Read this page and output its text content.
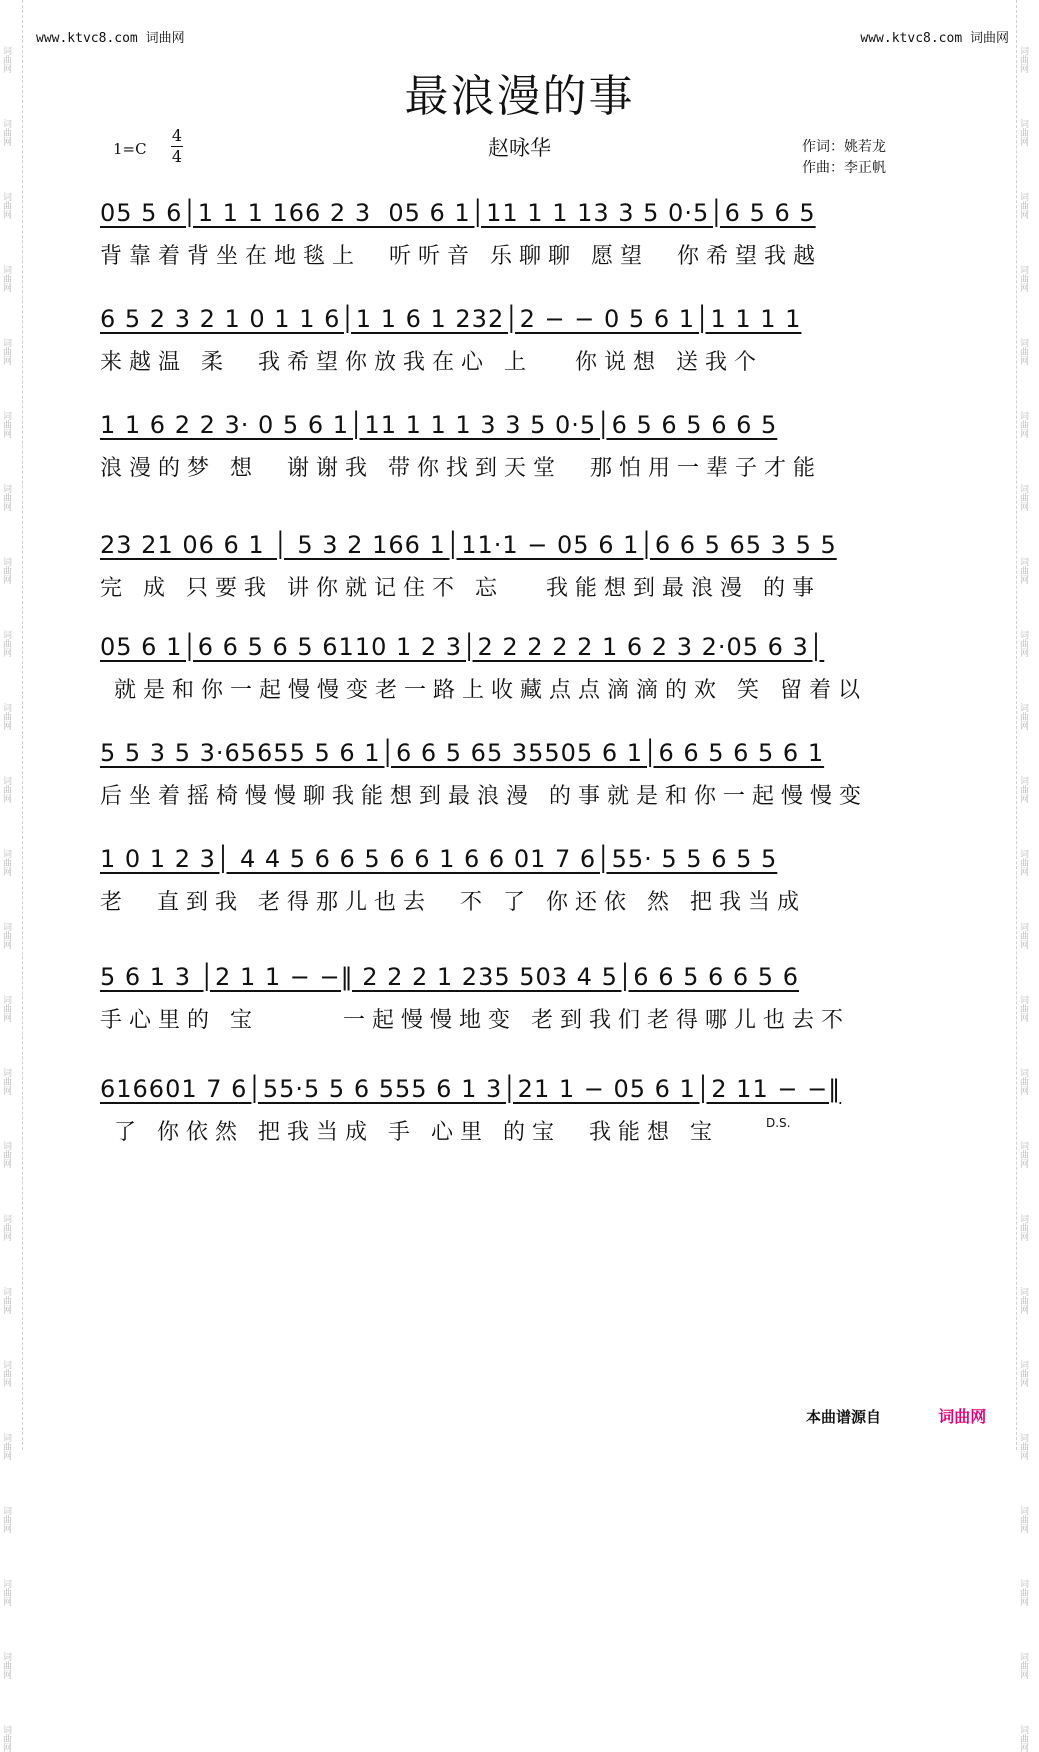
词曲网
词曲网
词曲网
词曲网
词曲网
词曲网
词曲网
词曲网
词曲网
词曲网
词曲网
词曲网
词曲网
词曲网
词曲网
词曲网
词曲网
词曲网
词曲网
词曲网
词曲网
词曲网
词曲网
词曲网
词曲网
词曲网
词曲网
词曲网
词曲网
词曲网
词曲网
词曲网
词曲网
词曲网
词曲网
词曲网
词曲网
词曲网
词曲网
词曲网
词曲网
词曲网
词曲网
词曲网
词曲网
词曲网
词曲网
词曲网
www.ktvc8.com 词曲网	www.ktvc8.com 词曲网
最浪漫的事
1=C
4
4	赵咏华	作词：姚若龙
作曲：李正帆
05 5 6│1 1 1 166 2 3  05 6 1│11 1 1 13 3 5 0·5│6 5 6 5
背靠着背坐在地毯上  听听音 乐聊聊 愿望  你希望我越
6 5 2 3 2 1 0 1 1 6│1 1 6 1 232│2 − − 0 5 6 1│1 1 1 1
来越温 柔  我希望你放我在心 上   你说想 送我个
1 1 6 2 2 3· 0 5 6 1│11 1 1 1 3 3 5 0·5│6 5 6 5 6 6 5
浪漫的梦 想  谢谢我 带你找到天堂  那怕用一辈子才能
23 21 06 6 1 │ 5 3 2 166 1│11·1 − 05 6 1│6 6 5 65 3 5 5
完 成 只要我 讲你就记住不 忘   我能想到最浪漫 的事
05 6 1│6 6 5 6 5 6110 1 2 3│2 2 2 2 2 1 6 2 3 2·05 6 3│
就是和你一起慢慢变老一路上收藏点点滴滴的欢 笑 留着以
5 5 3 5 3·65655 5 6 1│6 6 5 65 35505 6 1│6 6 5 6 5 6 1
后坐着摇椅慢慢聊我能想到最浪漫 的事就是和你一起慢慢变
1 0 1 2 3│ 4 4 5 6 6 5 6 6 1 6 6 01 7 6│55· 5 5 6 5 5
老  直到我 老得那儿也去  不 了 你还依 然 把我当成
5 6 1 3 │2 1 1 − −‖ 2 2 2 1 235 503 4 5│6 6 5 6 6 5 6
手心里的 宝      一起慢慢地变 老到我们老得哪儿也去不
616601 7 6│55·5 5 6 555 6 1 3│21 1 − 05 6 1│2 11 − −‖
了 你依然 把我当成 手 心里 的宝  我能想 宝	D.S.
本曲谱源自	词曲网
